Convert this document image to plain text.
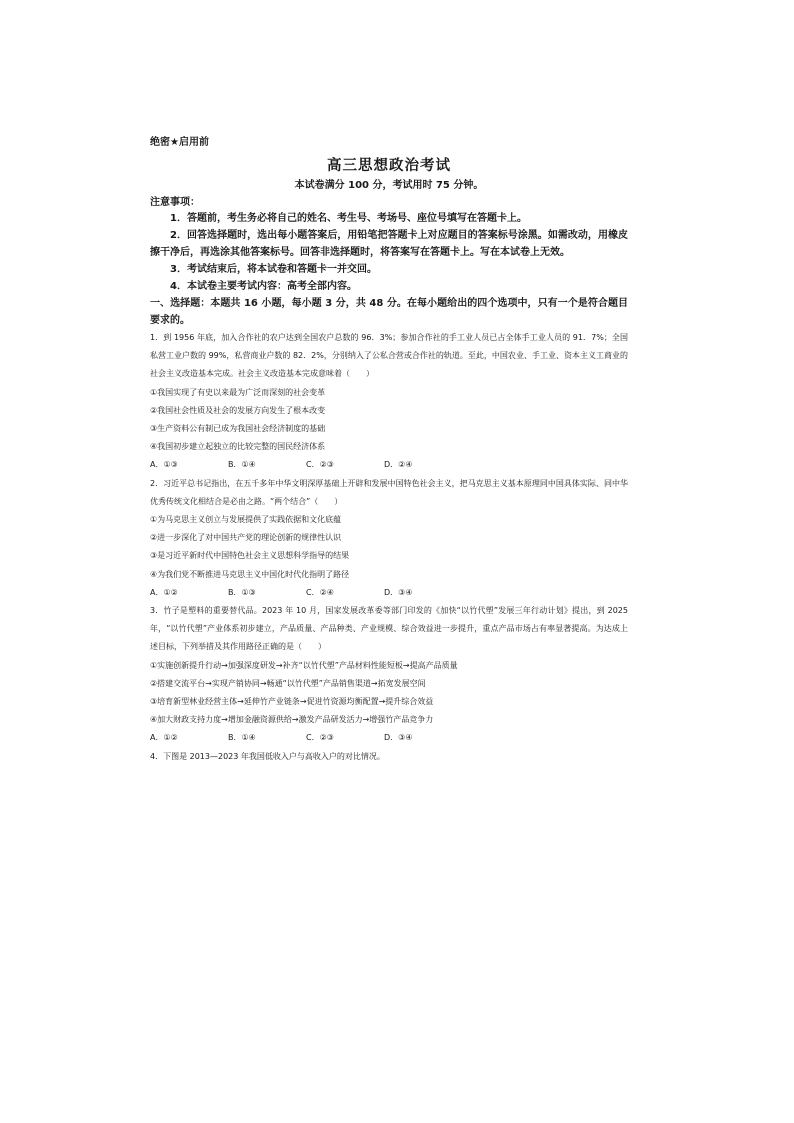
绝密★启用前
高三思想政治考试
本试卷满分 100 分，考试用时 75 分钟。
注意事项：
1．答题前，考生务必将自己的姓名、考生号、考场号、座位号填写在答题卡上。
2．回答选择题时，选出每小题答案后，用铅笔把答题卡上对应题目的答案标号涂黑。如需改动，用橡皮擦干净后，再选涂其他答案标号。回答非选择题时，将答案写在答题卡上。写在本试卷上无效。
3．考试结束后，将本试卷和答题卡一并交回。
4．本试卷主要考试内容：高考全部内容。
一、选择题：本题共 16 小题，每小题 3 分，共 48 分。在每小题给出的四个选项中，只有一个是符合题目要求的。
1．到 1956 年底，加入合作社的农户达到全国农户总数的 96．3%；参加合作社的手工业人员已占全体手工业人员的 91．7%；全国私营工业户数的 99%，私营商业户数的 82．2%，分别纳入了公私合营或合作社的轨道。至此，中国农业、手工业、资本主义工商业的社会主义改造基本完成。社会主义改造基本完成意味着（　　）
①我国实现了有史以来最为广泛而深刻的社会变革
②我国社会性质及社会的发展方向发生了根本改变
③生产资料公有制已成为我国社会经济制度的基础
④我国初步建立起独立的比较完整的国民经济体系
A．①③	B．①④	C．②③	D．②④
2．习近平总书记指出，在五千多年中华文明深厚基础上开辟和发展中国特色社会主义，把马克思主义基本原理同中国具体实际、同中华优秀传统文化相结合是必由之路。“两个结合”（　　）
①为马克思主义创立与发展提供了实践依据和文化底蕴
②进一步深化了对中国共产党的理论创新的规律性认识
③是习近平新时代中国特色社会主义思想科学指导的结果
④为我们党不断推进马克思主义中国化时代化指明了路径
A．①②	B．①③	C．②④	D．③④
3．竹子是塑料的重要替代品。2023 年 10 月，国家发展改革委等部门印发的《加快“以竹代塑”发展三年行动计划》提出，到 2025 年，“以竹代塑”产业体系初步建立，产品质量、产品种类、产业规模、综合效益进一步提升，重点产品市场占有率显著提高。为达成上述目标，下列举措及其作用路径正确的是（　　）
①实施创新提升行动→加强深度研发→补齐“以竹代塑”产品材料性能短板→提高产品质量
②搭建交流平台→实现产销协同→畅通“以竹代塑”产品销售渠道→拓宽发展空间
③培育新型林业经营主体→延伸竹产业链条→促进竹资源均衡配置→提升综合效益
④加大财政支持力度→增加金融资源供给→激发产品研发活力→增强竹产品竞争力
A．①②	B．①④	C．②③	D．③④
4．下图是 2013—2023 年我国低收入户与高收入户的对比情况。
